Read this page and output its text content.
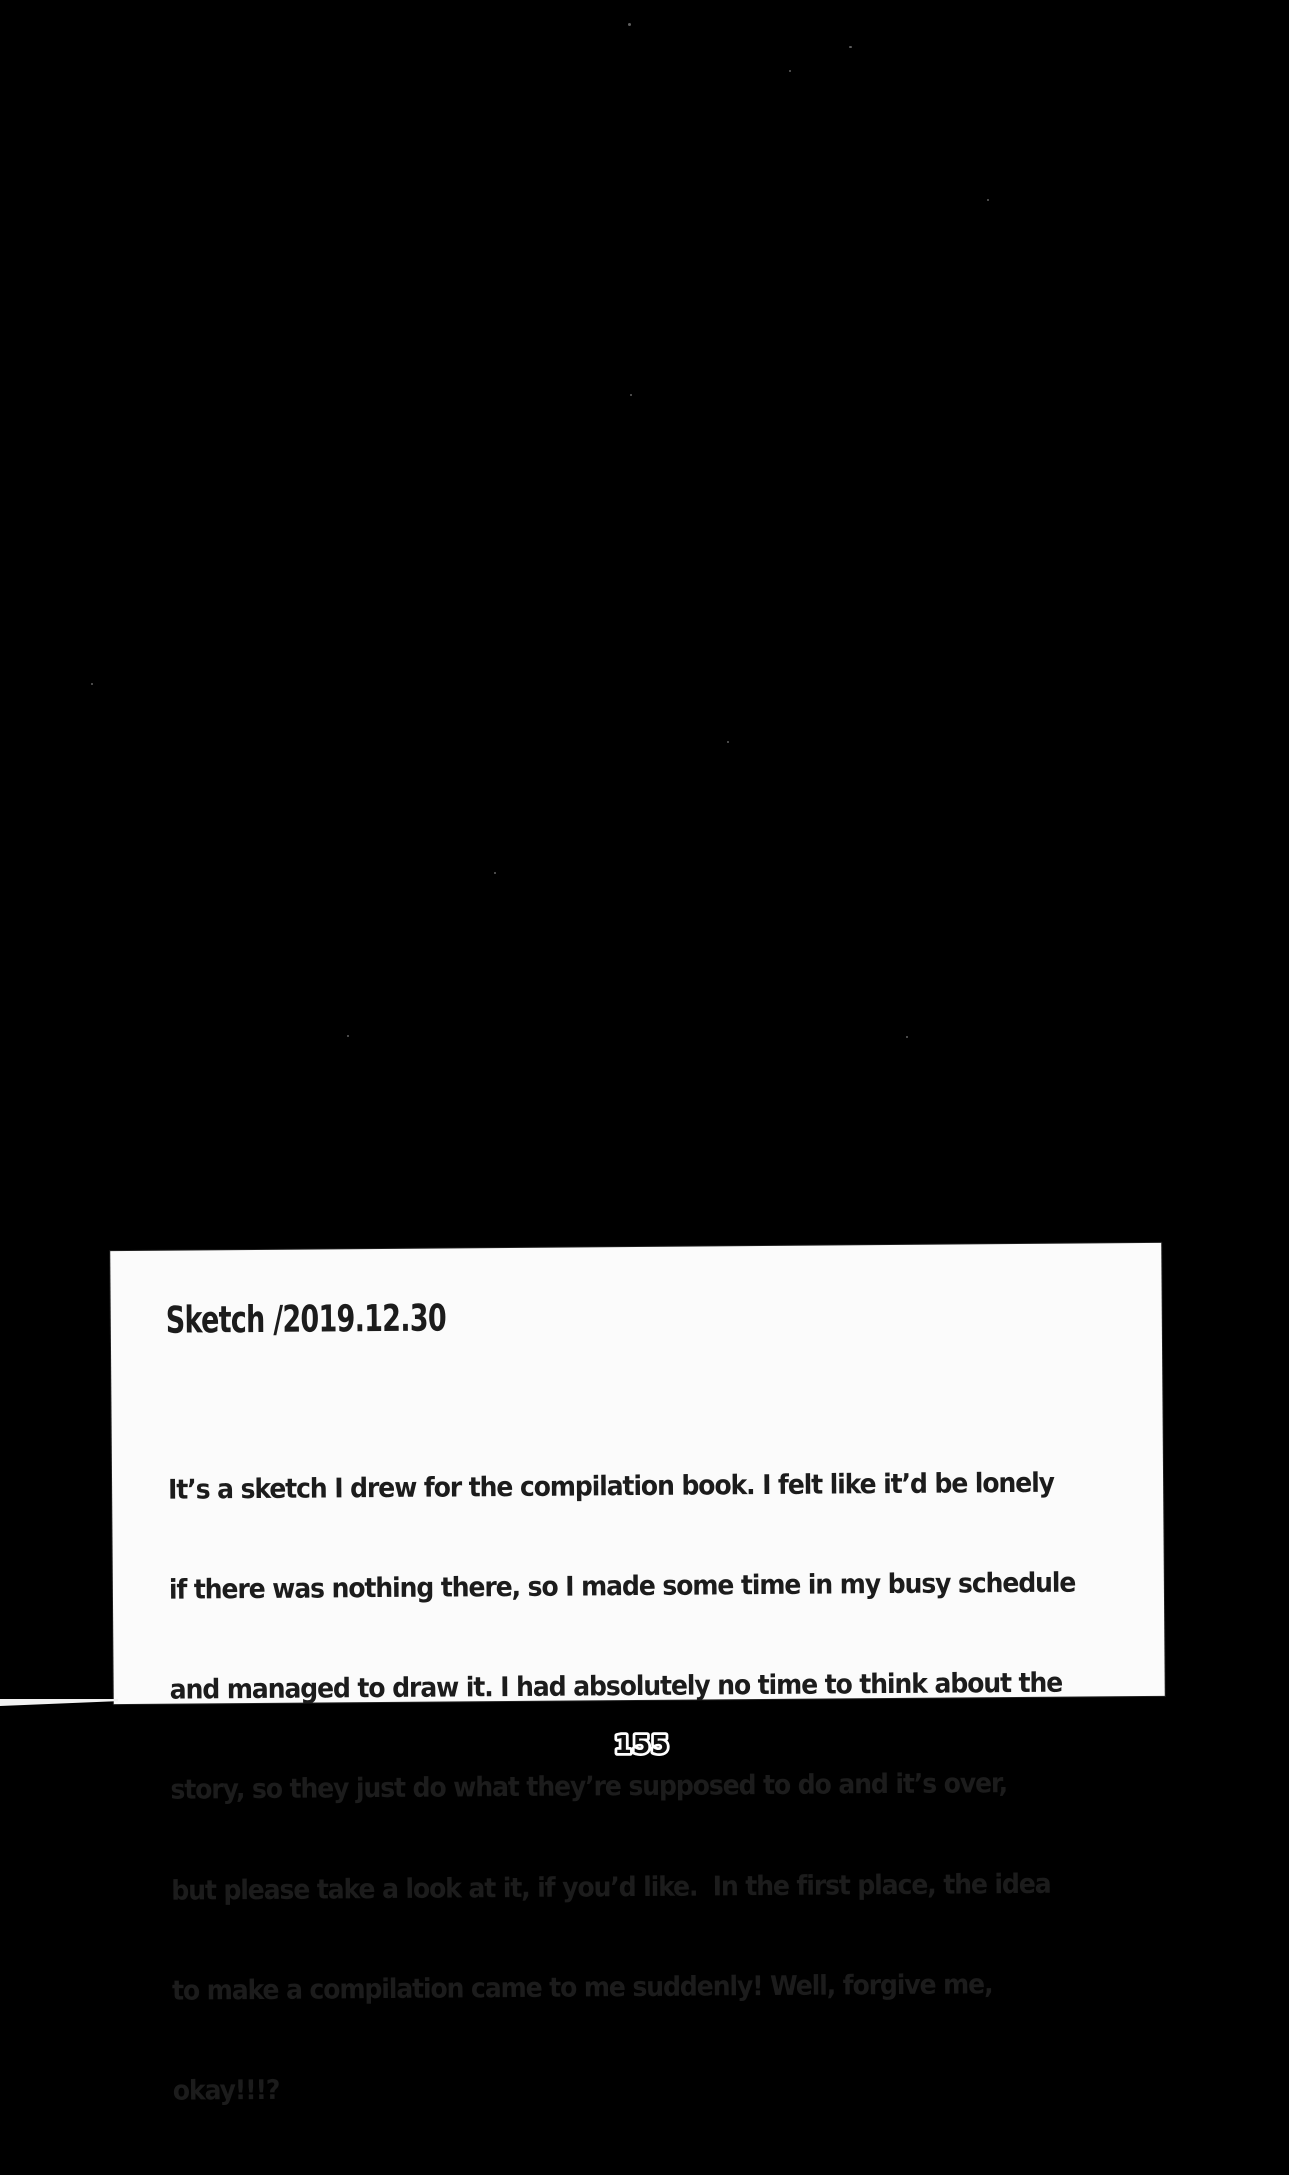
Sketch /2019.12.30

It’s a sketch I drew for the compilation book. I felt like it’d be lonely

if there was nothing there, so I made some time in my busy schedule

and managed to draw it. I had absolutely no time to think about the

story, so they just do what they’re supposed to do and it’s over,

but please take a look at it, if you’d like.  In the first place, the idea

to make a compilation came to me suddenly! Well, forgive me,

okay!!!?

155
